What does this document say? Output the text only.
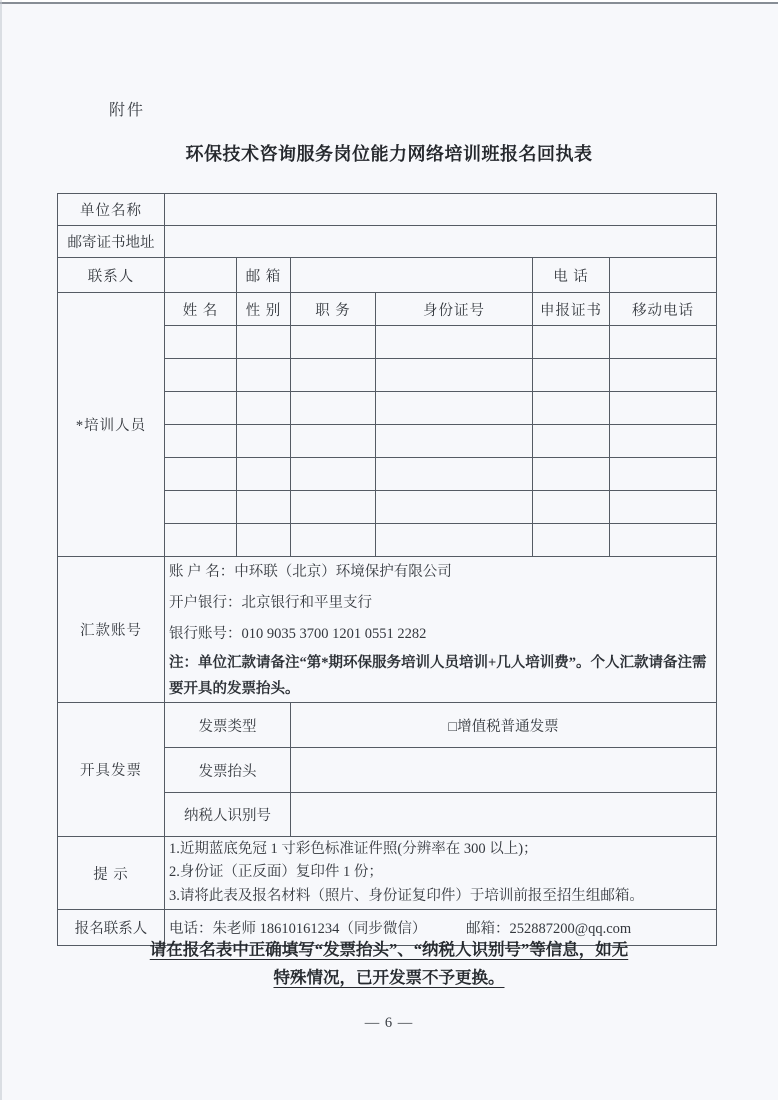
附件
环保技术咨询服务岗位能力网络培训班报名回执表
单位名称						
邮寄证书地址						
联系人		邮 箱			电 话	
*培训人员	姓 名	性 别	职 务	身份证号	申报证书	移动电话

汇款账号	账 户 名：中环联（北京）环境保护有限公司
开户银行：北京银行和平里支行
银行账号：010 9035 3700 1201 0551 2282
注：单位汇款请备注“第*期环保服务培训人员培训+几人培训费”。个人汇款请备注需要开具的发票抬头。					

开具发票	发票类型		□增值税普通发票			
	发票抬头					
	纳税人识别号					
提 示	1.近期蓝底免冠 1 寸彩色标准证件照(分辨率在 300 以上)；
2.身份证（正反面）复印件 1 份；
3.请将此表及报名材料（照片、身份证复印件）于培训前报至招生组邮箱。					

报名联系人	电话：朱老师 18610161234（同步微信） 邮箱：252887200@qq.com					
请在报名表中正确填写“发票抬头”、“纳税人识别号”等信息，如无
特殊情况，已开发票不予更换。
— 6 —
